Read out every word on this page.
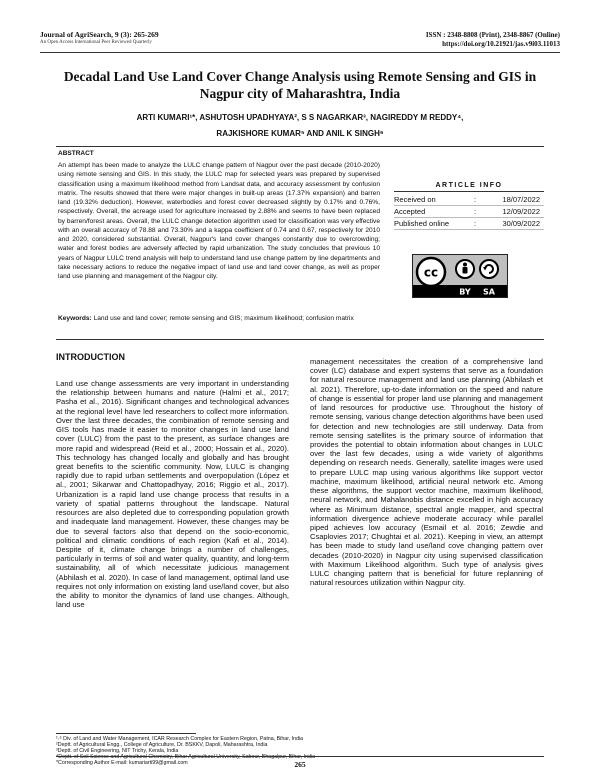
Journal of AgriSearch, 9 (3): 265-269
An Open Access International Peer Reviewed Quarterly
ISSN : 2348-8808 (Print), 2348-8867 (Online)
https://doi.org/10.21921/jas.v9i03.11013
Decadal Land Use Land Cover Change Analysis using Remote Sensing and GIS in Nagpur city of Maharashtra, India
ARTI KUMARI¹*, ASHUTOSH UPADHYAYA², S S NAGARKAR³, NAGIREDDY M REDDY⁴,
RAJKISHORE KUMAR⁵ AND ANIL K SINGH⁶
ABSTRACT
An attempt has been made to analyze the LULC change pattern of Nagpur over the past decade (2010-2020) using remote sensing and GIS. In this study, the LULC map for selected years was prepared by supervised classification using a maximum likelihood method from Landsat data, and accuracy assessment by confusion matrix. The results showed that there were major changes in built-up areas (17.37% expansion) and barren land (19.32% deduction). However, waterbodies and forest cover decreased slightly by 0.17% and 0.76%, respectively. Overall, the acreage used for agriculture increased by 2.88% and seems to have been replaced by barren/forest areas. Overall, the LULC change detection algorithm used for classification was very effective with an overall accuracy of 78.88 and 73.30% and a kappa coefficient of 0.74 and 0.67, respectively for 2010 and 2020, considered substantial. Overall, Nagpur's land cover changes constantly due to overcrowding; water and forest bodies are adversely affected by rapid urbanization. The study concludes that previous 10 years of Nagpur LULC trend analysis will help to understand land use change pattern by line departments and take necessary actions to reduce the negative impact of land use and land cover change, as well as proper land use planning and management of the Nagpur city.
ARTICLE INFO
Received on	:	18/07/2022
Accepted	:	12/09/2022
Published online	:	30/09/2022
cc
BY SA
Keywords: Land use and land cover; remote sensing and GIS; maximum likelihood; confusion matrix
INTRODUCTION

Land use change assessments are very important in understanding the relationship between humans and nature (Halmi et al., 2017; Pasha et al., 2016). Significant changes and technological advances at the regional level have led researchers to collect more information. Over the last three decades, the combination of remote sensing and GIS tools has made it easier to monitor changes in land use land cover (LULC) from the past to the present, as surface changes are more rapid and widespread (Reid et al., 2000; Hossain et al., 2020). This technology has changed locally and globally and has brought great benefits to the scientific community. Now, LULC is changing rapidly due to rapid urban settlements and overpopulation (López et al., 2001; Sikarwar and Chattopadhyay, 2016; Riggio et al., 2017). Urbanization is a rapid land use change process that results in a variety of spatial patterns throughout the landscape. Natural resources are also depleted due to corresponding population growth and inadequate land management. However, these changes may be due to several factors also that depend on the socio-economic, political and climatic conditions of each region (Kafi et al., 2014). Despite of it, climate change brings a number of challenges, particularly in terms of soil and water quality, quantity, and long-term sustainability, all of which necessitate judicious management (Abhilash et al. 2020). In case of land management, optimal land use requires not only information on existing land use/land cover, but also the ability to monitor the dynamics of land use changes. Although, land use

management necessitates the creation of a comprehensive land cover (LC) database and expert systems that serve as a foundation for natural resource management and land use planning (Abhilash et al. 2021). Therefore, up-to-date information on the speed and nature of change is essential for proper land use planning and management of land resources for productive use. Throughout the history of remote sensing, various change detection algorithms have been used for detection and new technologies are still underway. Data from remote sensing satellites is the primary source of information that provides the potential to obtain information about changes in LULC over the last few decades, using a wide variety of algorithms depending on research needs. Generally, satellite images were used to prepare LULC map using various algorithms like support vector machine, maximum likelihood, artificial neural network etc. Among these algorithms, the support vector machine, maximum likelihood, neural network, and Mahalanobis distance excelled in high accuracy where as Minimum distance, spectral angle mapper, and spectral information divergence achieve moderate accuracy while parallel piped achieves low accuracy (Esmail et al. 2016; Zewdie and Csaplovies 2017; Chughtai et al. 2021). Keeping in view, an attempt has been made to study land use/land cove changing pattern over decades (2010-2020) in Nagpur city using supervised classification with Maximum Likelihood algorithm. Such type of analysis gives LULC changing pattern that is beneficial for future replanning of natural resources utilization within Nagpur city.

¹˒⁶ Div. of Land and Water Management, ICAR Research Complex for Eastern Region, Patna, Bihar, India
²Deptt. of Agricultural Engg., College of Agriculture, Dr. BSKKV, Dapoli, Maharashtra, India
³Deptt. of Civil Engineering, NIT Trichy, Kerala, India
⁴Deptt. of Soil Science and Agricultural Chemistry, Bihar Agricultural University, Sabour, Bhagalpur, Bihar, India
*Corresponding Author E-mail: kumariarti99@gmail.com	265
